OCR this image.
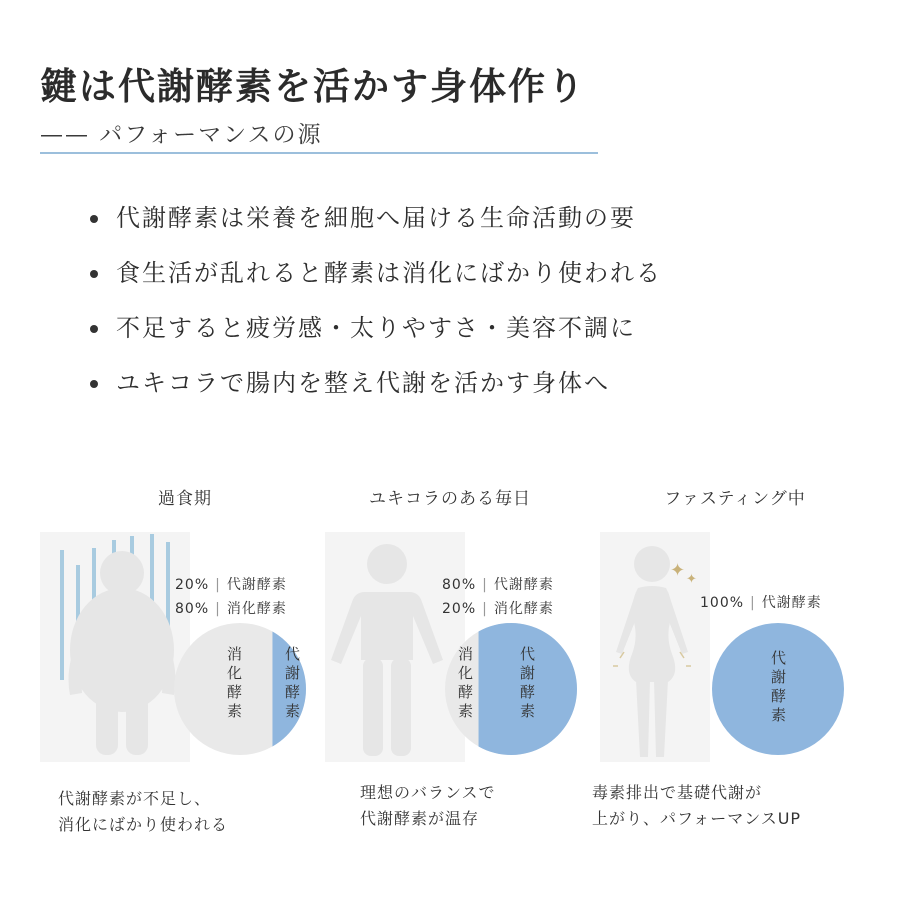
鍵は代謝酵素を活かす身体作り
—— パフォーマンスの源
代謝酵素は栄養を細胞へ届ける生命活動の要
食生活が乱れると酵素は消化にばかり使われる
不足すると疲労感・太りやすさ・美容不調に
ユキコラで腸内を整え代謝を活かす身体へ
過食期
20% | 代謝酵素
80% | 消化酵素
消化酵素	代謝酵素
代謝酵素が不足し、
消化にばかり使われる
ユキコラのある毎日
80% | 代謝酵素
20% | 消化酵素
消化酵素	代謝酵素
理想のバランスで
代謝酵素が温存
ファスティング中
✦ ✦
100% | 代謝酵素
代謝酵素
毒素排出で基礎代謝が
上がり、パフォーマンスUP
